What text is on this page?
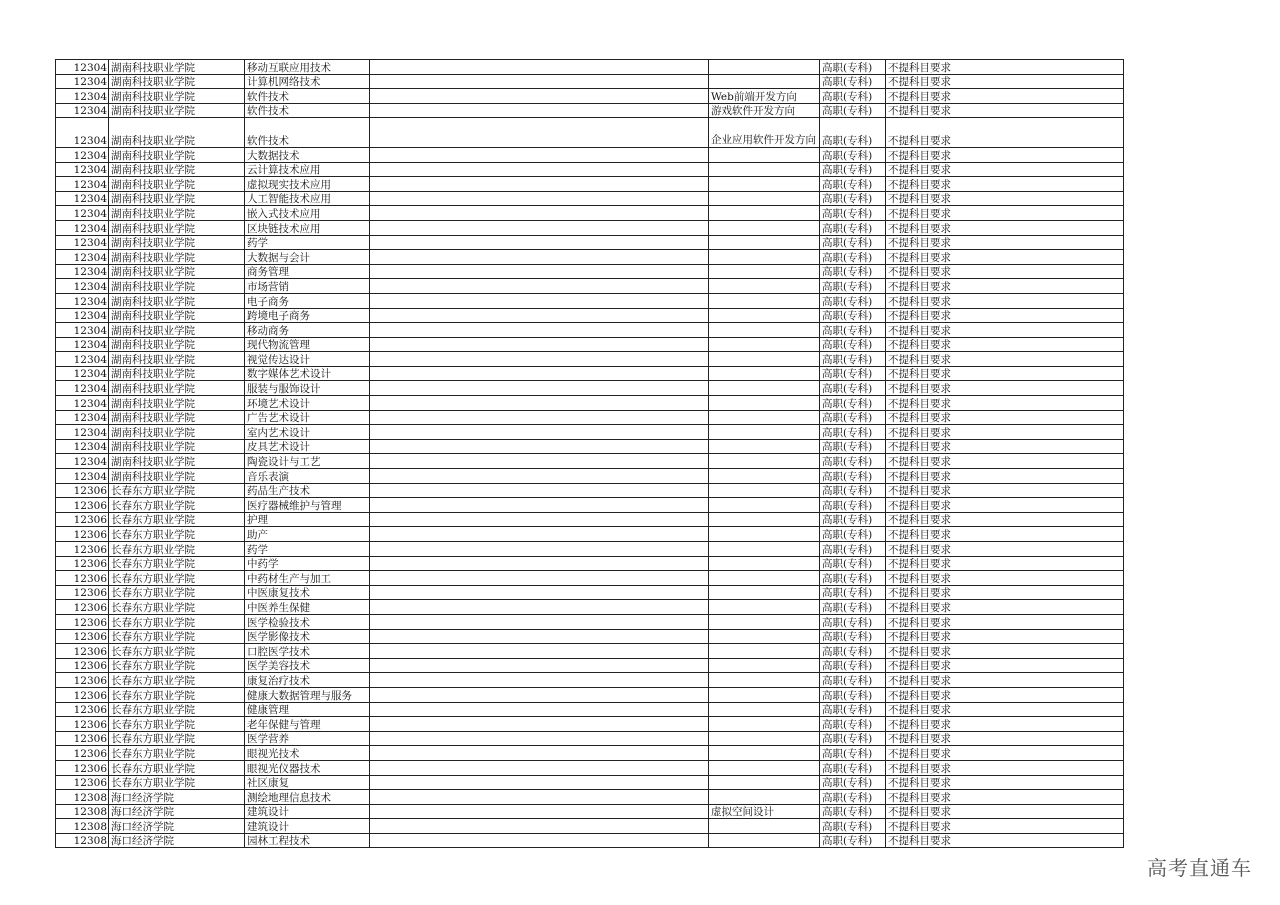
12304	湖南科技职业学院	移动互联应用技术			高职(专科)	不提科目要求
12304	湖南科技职业学院	计算机网络技术			高职(专科)	不提科目要求
12304	湖南科技职业学院	软件技术		Web前端开发方向	高职(专科)	不提科目要求
12304	湖南科技职业学院	软件技术		游戏软件开发方向	高职(专科)	不提科目要求
12304	湖南科技职业学院	软件技术		企业应用软件开发方向	高职(专科)	不提科目要求
12304	湖南科技职业学院	大数据技术			高职(专科)	不提科目要求
12304	湖南科技职业学院	云计算技术应用			高职(专科)	不提科目要求
12304	湖南科技职业学院	虚拟现实技术应用			高职(专科)	不提科目要求
12304	湖南科技职业学院	人工智能技术应用			高职(专科)	不提科目要求
12304	湖南科技职业学院	嵌入式技术应用			高职(专科)	不提科目要求
12304	湖南科技职业学院	区块链技术应用			高职(专科)	不提科目要求
12304	湖南科技职业学院	药学			高职(专科)	不提科目要求
12304	湖南科技职业学院	大数据与会计			高职(专科)	不提科目要求
12304	湖南科技职业学院	商务管理			高职(专科)	不提科目要求
12304	湖南科技职业学院	市场营销			高职(专科)	不提科目要求
12304	湖南科技职业学院	电子商务			高职(专科)	不提科目要求
12304	湖南科技职业学院	跨境电子商务			高职(专科)	不提科目要求
12304	湖南科技职业学院	移动商务			高职(专科)	不提科目要求
12304	湖南科技职业学院	现代物流管理			高职(专科)	不提科目要求
12304	湖南科技职业学院	视觉传达设计			高职(专科)	不提科目要求
12304	湖南科技职业学院	数字媒体艺术设计			高职(专科)	不提科目要求
12304	湖南科技职业学院	服装与服饰设计			高职(专科)	不提科目要求
12304	湖南科技职业学院	环境艺术设计			高职(专科)	不提科目要求
12304	湖南科技职业学院	广告艺术设计			高职(专科)	不提科目要求
12304	湖南科技职业学院	室内艺术设计			高职(专科)	不提科目要求
12304	湖南科技职业学院	皮具艺术设计			高职(专科)	不提科目要求
12304	湖南科技职业学院	陶瓷设计与工艺			高职(专科)	不提科目要求
12304	湖南科技职业学院	音乐表演			高职(专科)	不提科目要求
12306	长春东方职业学院	药品生产技术			高职(专科)	不提科目要求
12306	长春东方职业学院	医疗器械维护与管理			高职(专科)	不提科目要求
12306	长春东方职业学院	护理			高职(专科)	不提科目要求
12306	长春东方职业学院	助产			高职(专科)	不提科目要求
12306	长春东方职业学院	药学			高职(专科)	不提科目要求
12306	长春东方职业学院	中药学			高职(专科)	不提科目要求
12306	长春东方职业学院	中药材生产与加工			高职(专科)	不提科目要求
12306	长春东方职业学院	中医康复技术			高职(专科)	不提科目要求
12306	长春东方职业学院	中医养生保健			高职(专科)	不提科目要求
12306	长春东方职业学院	医学检验技术			高职(专科)	不提科目要求
12306	长春东方职业学院	医学影像技术			高职(专科)	不提科目要求
12306	长春东方职业学院	口腔医学技术			高职(专科)	不提科目要求
12306	长春东方职业学院	医学美容技术			高职(专科)	不提科目要求
12306	长春东方职业学院	康复治疗技术			高职(专科)	不提科目要求
12306	长春东方职业学院	健康大数据管理与服务			高职(专科)	不提科目要求
12306	长春东方职业学院	健康管理			高职(专科)	不提科目要求
12306	长春东方职业学院	老年保健与管理			高职(专科)	不提科目要求
12306	长春东方职业学院	医学营养			高职(专科)	不提科目要求
12306	长春东方职业学院	眼视光技术			高职(专科)	不提科目要求
12306	长春东方职业学院	眼视光仪器技术			高职(专科)	不提科目要求
12306	长春东方职业学院	社区康复			高职(专科)	不提科目要求
12308	海口经济学院	测绘地理信息技术			高职(专科)	不提科目要求
12308	海口经济学院	建筑设计		虚拟空间设计	高职(专科)	不提科目要求
12308	海口经济学院	建筑设计			高职(专科)	不提科目要求
12308	海口经济学院	园林工程技术			高职(专科)	不提科目要求
高考直通车
